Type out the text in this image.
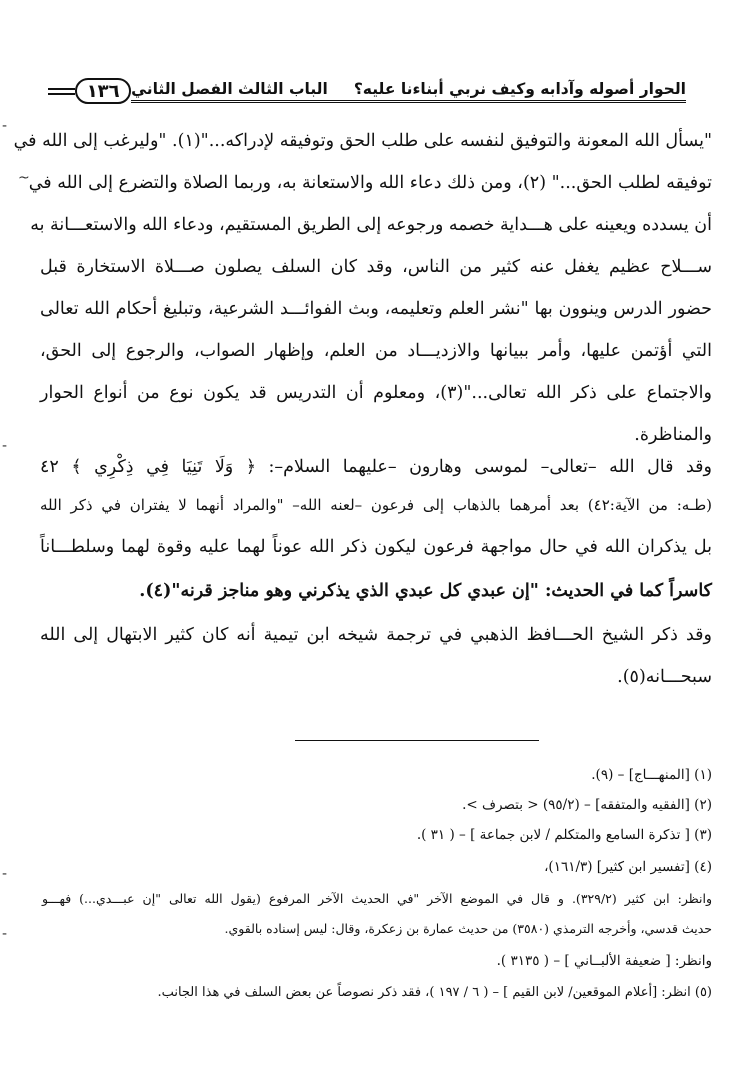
١٣٦	الحوار أصوله وآدابه وكيف نربي أبناءنا عليه؟
الباب الثالث الفصل الثاني
"يسأل الله المعونة والتوفيق لنفسه على طلب الحق وتوفيقه لإدراكه..."(١). "وليرغب إلى الله في
توفيقه لطلب الحق..." (٢)، ومن ذلك دعاء الله والاستعانة به، وربما الصلاة والتضرع إلى الله في
أن يسدده ويعينه على هـــداية خصمه ورجوعه إلى الطريق المستقيم، ودعاء الله والاستعـــانة به
ســـلاح عظيم يغفل عنه كثير من الناس، وقد كان السلف يصلون صـــلاة الاستخارة قبل
حضور الدرس وينوون بها "نشر العلم وتعليمه، وبث الفوائـــد الشرعية، وتبليغ أحكام الله تعالى
التي أؤتمن عليها، وأمر ببيانها والازديـــاد من العلم، وإظهار الصواب، والرجوع إلى الحق،
والاجتماع على ذكر الله تعالى..."(٣)، ومعلوم أن التدريس قد يكون نوع من أنواع الحوار
والمناظرة.
وقد قال الله –تعالى– لموسى وهارون –عليهما السلام–: ﴿ وَلَا تَنِيَا فِي ذِكْرِي ﴾ ٤٢
(طـه: من الآية:٤٢) بعد أمرهما بالذهاب إلى فرعون –لعنه الله– "والمراد أنهما لا يفتران في ذكر الله
بل يذكران الله في حال مواجهة فرعون ليكون ذكر الله عوناً لهما عليه وقوة لهما وسلطـــاناً
كاسراً كما في الحديث: "إن عبدي كل عبدي الذي يذكرني وهو مناجز قرنه"(٤).
وقد ذكر الشيخ الحـــافظ الذهبي في ترجمة شيخه ابن تيمية أنه كان كثير الابتهال إلى الله
سبحـــانه(٥).
(١) [المنهـــاج] – (٩).
(٢) [الفقيه والمتفقه] – (٩٥/٢) < بتصرف >.
(٣) [ تذكرة السامع والمتكلم / لابن جماعة ] – ( ٣١ ).
(٤) [تفسير ابن كثير] (١٦١/٣)،
وانظر: ابن كثير (٣٢٩/٢). و قال في الموضع الآخر "في الحديث الآخر المرفوع (يقول الله تعالى "إن عبـــدي...) فهـــو
حديث قدسي، وأخرجه الترمذي (٣٥٨٠) من حديث عمارة بن زعكرة، وقال: ليس إسناده بالقوي.
وانظر: [ ضعيفة الألبــاني ] – ( ٣١٣٥ ).
(٥) انظر: [أعلام الموقعين/ لابن القيم ] – ( ٦ / ١٩٧ )، فقد ذكر نصوصاً عن بعض السلف في هذا الجانب.
-
~
-
-
-
